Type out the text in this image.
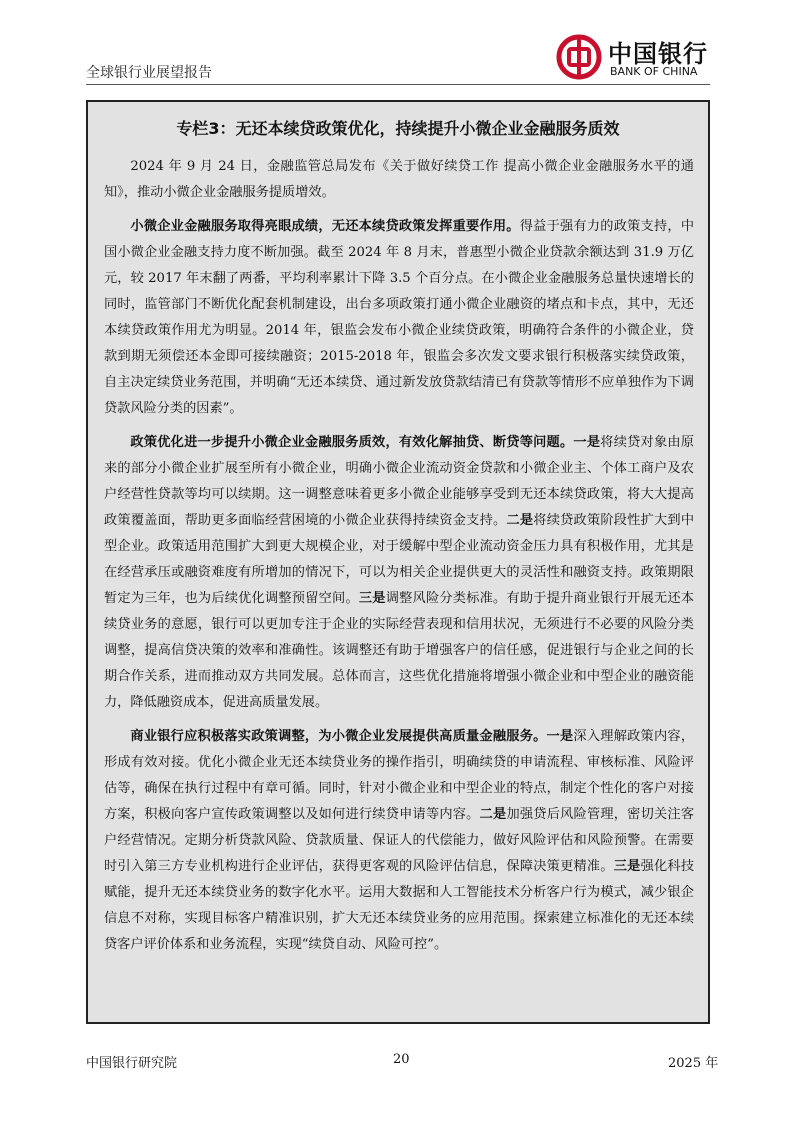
全球银行业展望报告
中国银行
BANK OF CHINA
专栏3：无还本续贷政策优化，持续提升小微企业金融服务质效

2024 年 9 月 24 日，金融监管总局发布《关于做好续贷工作 提高小微企业金融服务水平的通知》，推动小微企业金融服务提质增效。

小微企业金融服务取得亮眼成绩，无还本续贷政策发挥重要作用。得益于强有力的政策支持，中国小微企业金融支持力度不断加强。截至 2024 年 8 月末，普惠型小微企业贷款余额达到 31.9 万亿元，较 2017 年末翻了两番，平均利率累计下降 3.5 个百分点。在小微企业金融服务总量快速增长的同时，监管部门不断优化配套机制建设，出台多项政策打通小微企业融资的堵点和卡点，其中，无还本续贷政策作用尤为明显。2014 年，银监会发布小微企业续贷政策，明确符合条件的小微企业，贷款到期无须偿还本金即可接续融资；2015-2018 年，银监会多次发文要求银行积极落实续贷政策，自主决定续贷业务范围，并明确“无还本续贷、通过新发放贷款结清已有贷款等情形不应单独作为下调贷款风险分类的因素”。

政策优化进一步提升小微企业金融服务质效，有效化解抽贷、断贷等问题。一是将续贷对象由原来的部分小微企业扩展至所有小微企业，明确小微企业流动资金贷款和小微企业主、个体工商户及农户经营性贷款等均可以续期。这一调整意味着更多小微企业能够享受到无还本续贷政策，将大大提高政策覆盖面，帮助更多面临经营困境的小微企业获得持续资金支持。二是将续贷政策阶段性扩大到中型企业。政策适用范围扩大到更大规模企业，对于缓解中型企业流动资金压力具有积极作用，尤其是在经营承压或融资难度有所增加的情况下，可以为相关企业提供更大的灵活性和融资支持。政策期限暂定为三年，也为后续优化调整预留空间。三是调整风险分类标准。有助于提升商业银行开展无还本续贷业务的意愿，银行可以更加专注于企业的实际经营表现和信用状况，无须进行不必要的风险分类调整，提高信贷决策的效率和准确性。该调整还有助于增强客户的信任感，促进银行与企业之间的长期合作关系，进而推动双方共同发展。总体而言，这些优化措施将增强小微企业和中型企业的融资能力，降低融资成本，促进高质量发展。

商业银行应积极落实政策调整，为小微企业发展提供高质量金融服务。一是深入理解政策内容，形成有效对接。优化小微企业无还本续贷业务的操作指引，明确续贷的申请流程、审核标准、风险评估等，确保在执行过程中有章可循。同时，针对小微企业和中型企业的特点，制定个性化的客户对接方案，积极向客户宣传政策调整以及如何进行续贷申请等内容。二是加强贷后风险管理，密切关注客户经营情况。定期分析贷款风险、贷款质量、保证人的代偿能力，做好风险评估和风险预警。在需要时引入第三方专业机构进行企业评估，获得更客观的风险评估信息，保障决策更精准。三是强化科技赋能，提升无还本续贷业务的数字化水平。运用大数据和人工智能技术分析客户行为模式，减少银企信息不对称，实现目标客户精准识别，扩大无还本续贷业务的应用范围。探索建立标准化的无还本续贷客户评价体系和业务流程，实现“续贷自动、风险可控”。

中国银行研究院	20	2025 年
